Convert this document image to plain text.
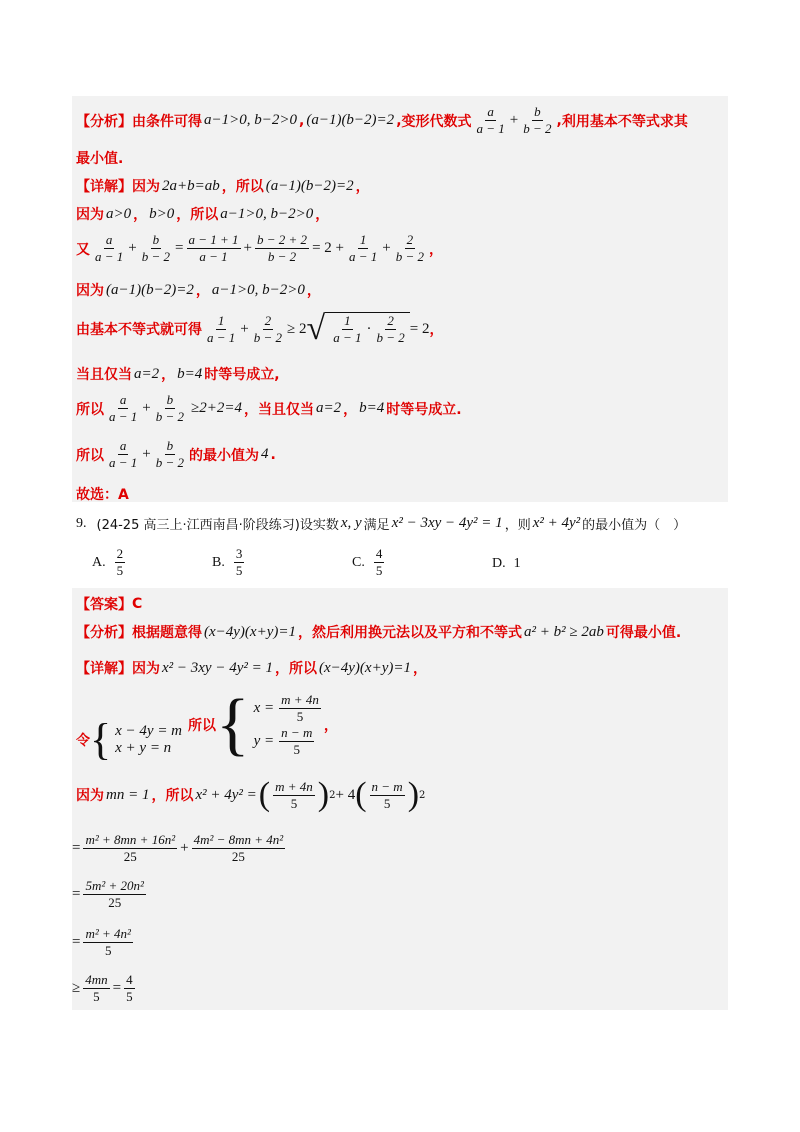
【分析】 由条件可得 a−1>0, b−2>0 , (a−1)(b−2)=2 , 变形代数式 $\frac{a}{a - 1} + \frac{b}{b - 2}$ , 利用基本不等式求其
最小值.
【详解】 因为 2a+b=ab ， 所以 (a−1)(b−2)=2 ，
因为 a>0 ， b>0 ， 所以 a−1>0, b−2>0 ，
又 $\frac{a}{a - 1} + \frac{b}{b - 2} = \frac{a - 1 + 1}{a - 1} + \frac{b - 2 + 2}{b - 2} = 2 + \frac{1}{a - 1} + \frac{2}{b - 2}$ ，
因为 (a−1)(b−2)=2 ， a−1>0, b−2>0 ，
由基本不等式就可得 $\frac{1}{a - 1} + \frac{2}{b - 2} \ge 2$ √ $\frac{1}{a - 1} \cdot \frac{2}{b - 2} = 2$ ，
当且仅当 a=2 ， b=4 时等号成立,
所以 $\frac{a}{a - 1} + \frac{b}{b - 2} \ge 2+2=4$ ， 当且仅当 a=2 ， b=4 时等号成立.
所以 $\frac{a}{a - 1} + \frac{b}{b - 2}$ 的最小值为 4 .
故选：A
9. (24-25 高三上·江西南昌·阶段练习) 设实数 x, y 满足 x² − 3xy − 4y² = 1 ， 则 x² + 4y² 的最小值为（　）
A. $\frac{2}{5}$	B. $\frac{3}{5}$	C. $\frac{4}{5}$	D. 1
【答案】 C
【分析】 根据题意得 (x−4y)(x+y)=1 ， 然后利用换元法以及平方和不等式 a² + b² ≥ 2ab 可得最小值.
【详解】 因为 x² − 3xy − 4y² = 1 ， 所以 (x−4y)(x+y)=1 ，
令 { x − 4y = m
x + y = n
所以 { $x = \frac{m + 4n}{5}$
$y = \frac{n - m}{5}$ ，
因为 mn = 1 ， 所以 x² + 4y² = ( $\frac{m + 4n}{5}$ ) 2 + 4 ( $\frac{n - m}{5}$ ) 2
= $\frac{\text{m² + 8mn + 16n²}}{25} + \frac{\text{4m² − 8mn + 4n²}}{25}$
= $\frac{\text{5m² + 20n²}}{25}$
= $\frac{\text{m² + 4n²}}{5}$
≥ $\frac{4mn}{5} = \frac{4}{5}$
